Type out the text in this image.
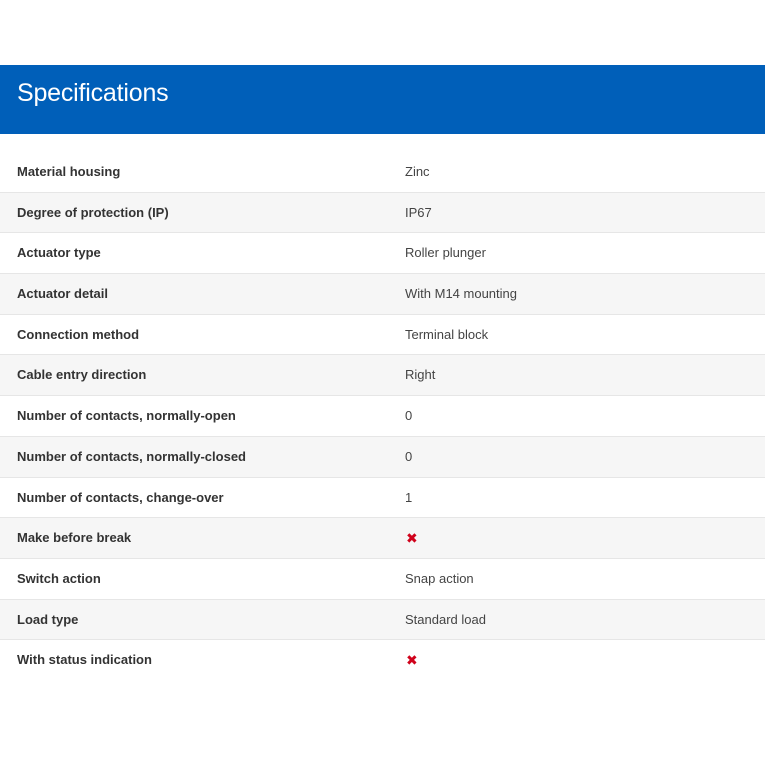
Specifications
Material housing	Zinc
Degree of protection (IP)	IP67
Actuator type	Roller plunger
Actuator detail	With M14 mounting
Connection method	Terminal block
Cable entry direction	Right
Number of contacts, normally-open	0
Number of contacts, normally-closed	0
Number of contacts, change-over	1
Make before break	✖
Switch action	Snap action
Load type	Standard load
With status indication	✖
